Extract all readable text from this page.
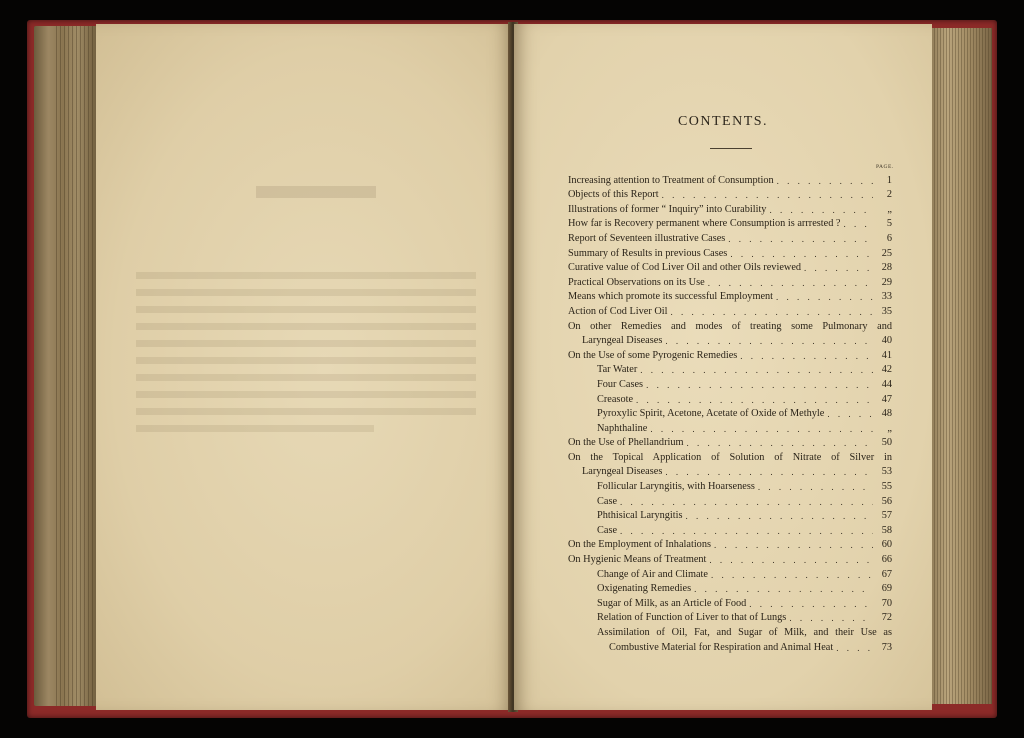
CONTENTS.
PAGE.
Increasing attention to Treatment of Consumption . . .	1
Objects of this Report . . .	2
Illustrations of former “ Inquiry” into Curability . . .	„
How far is Recovery permanent where Consumption is arrrested ? . . .	5
Report of Seventeen illustrative Cases . . .	6
Summary of Results in previous Cases . . .	25
Curative value of Cod Liver Oil and other Oils reviewed . . .	28
Practical Observations on its Use . . .	29
Means which promote its successful Employment . . .	33
Action of Cod Liver Oil . . .	35
On other Remedies and modes of treating some Pulmonary and
Laryngeal Diseases . . .	40
On the Use of some Pyrogenic Remedies . . .	41
Tar Water . . .	42
Four Cases . . .	44
Creasote . . .	47
Pyroxylic Spirit, Acetone, Acetate of Oxide of Methyle . . .	48
Naphthaline . . .	„
On the Use of Phellandrium . . .	50
On the Topical Application of Solution of Nitrate of Silver in
Laryngeal Diseases . . .	53
Follicular Laryngitis, with Hoarseness . . .	55
Case . . .	56
Phthisical Laryngitis . . .	57
Case . . .	58
On the Employment of Inhalations . . .	60
On Hygienic Means of Treatment . . .	66
Change of Air and Climate . . .	67
Oxigenating Remedies . . .	69
Sugar of Milk, as an Article of Food . . .	70
Relation of Function of Liver to that of Lungs . . .	72
Assimilation of Oil, Fat, and Sugar of Milk, and their Use as
Combustive Material for Respiration and Animal Heat . . .	73
